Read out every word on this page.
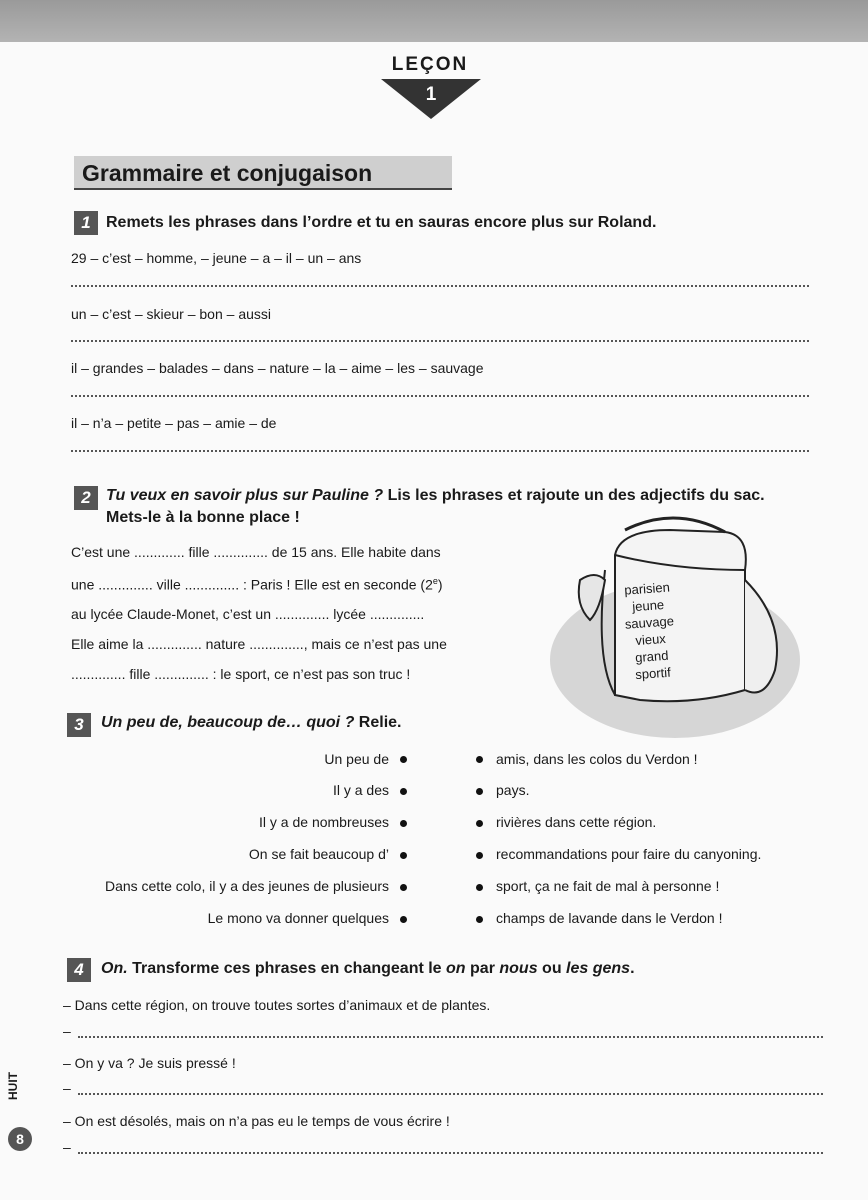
LEÇON
1
Grammaire et conjugaison
1 Remets les phrases dans l’ordre et tu en sauras encore plus sur Roland.
29 – c’est – homme, – jeune – a – il – un – ans
un – c’est – skieur – bon – aussi
il – grandes – balades – dans – nature – la – aime – les – sauvage
il – n’a – petite – pas – amie – de
2 Tu veux en savoir plus sur Pauline ? Lis les phrases et rajoute un des adjectifs du sac.
Mets-le à la bonne place !
C’est une ............. fille .............. de 15 ans. Elle habite dans
une .............. ville .............. : Paris ! Elle est en seconde (2e)
au lycée Claude-Monet, c’est un .............. lycée ..............
Elle aime la .............. nature .............., mais ce n’est pas une
.............. fille .............. : le sport, ce n’est pas son truc !
parisien
jeune
sauvage
vieux
grand
sportif
3	Un peu de, beaucoup de… quoi ? Relie.
Un peu de
Il y a des
Il y a de nombreuses
On se fait beaucoup d’
Dans cette colo, il y a des jeunes de plusieurs
Le mono va donner quelques
amis, dans les colos du Verdon !
pays.
rivières dans cette région.
recommandations pour faire du canyoning.
sport, ça ne fait de mal à personne !
champs de lavande dans le Verdon !
4	On. Transforme ces phrases en changeant le on par nous ou les gens.
– Dans cette région, on trouve toutes sortes d’animaux et de plantes.
–
– On y va ? Je suis pressé !
–
– On est désolés, mais on n’a pas eu le temps de vous écrire !
–
HUIT
8
